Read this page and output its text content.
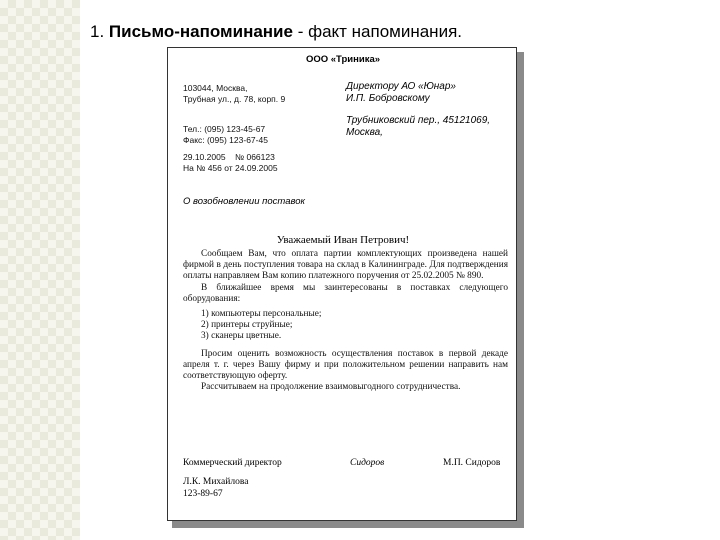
1. Письмо-напоминание - факт напоминания.
ООО «Триника»
103044, Москва,
Трубная ул., д. 78, корп. 9
Тел.: (095) 123-45-67
Факс: (095) 123-67-45
29.10.2005    № 066123
На № 456 от 24.09.2005
Директору АО «Юнар»
И.П. Бобровскому
Трубниковский пер., 45121069,
Москва,
О возобновлении поставок
Уважаемый Иван Петрович!

Сообщаем Вам, что оплата партии комплектующих произведена нашей фирмой в день поступления товара на склад в Калининграде. Для подтверждения оплаты направляем Вам копию платежного поручения от 25.02.2005 № 890.

В ближайшее время мы заинтересованы в поставках следующего оборудования:

1) компьютеры персональные;
2) принтеры струйные;
3) сканеры цветные.

Просим оценить возможность осуществления поставок в первой декаде апреля т. г. через Вашу фирму и при положительном решении направить нам соответствующую оферту.

Рассчитываем на продолжение взаимовыгодного сотрудничества.

Коммерческий директор	Сидоров	М.П. Сидоров
Л.К. Михайлова
123-89-67
